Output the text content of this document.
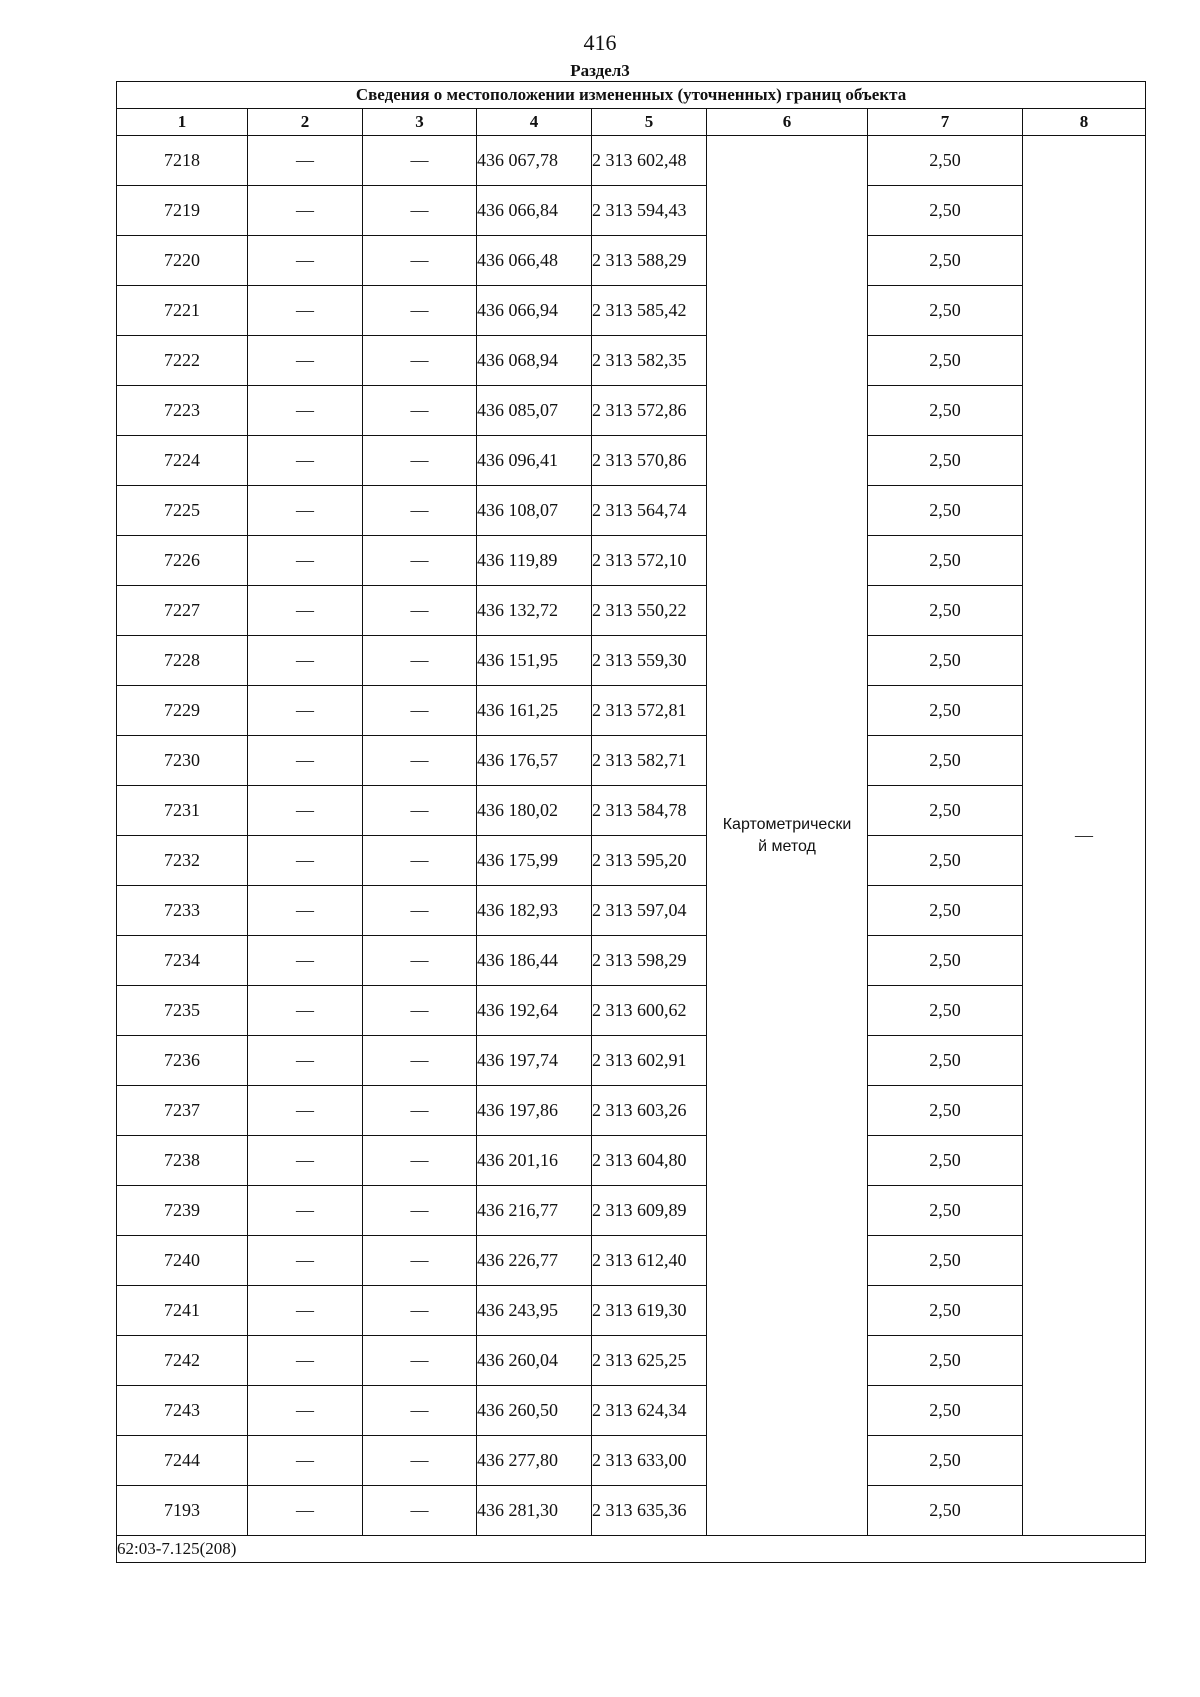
416
Раздел3
Сведения о местоположении измененных (уточненных) границ объекта							
1	2	3	4	5	6	7	8
7218	—	—	436 067,78	2 313 602,48	Картометрически
й метод	2,50	—
7219	—	—	436 066,84	2 313 594,43		2,50	
7220	—	—	436 066,48	2 313 588,29		2,50	
7221	—	—	436 066,94	2 313 585,42		2,50	
7222	—	—	436 068,94	2 313 582,35		2,50	
7223	—	—	436 085,07	2 313 572,86		2,50	
7224	—	—	436 096,41	2 313 570,86		2,50	
7225	—	—	436 108,07	2 313 564,74		2,50	
7226	—	—	436 119,89	2 313 572,10		2,50	
7227	—	—	436 132,72	2 313 550,22		2,50	
7228	—	—	436 151,95	2 313 559,30		2,50	
7229	—	—	436 161,25	2 313 572,81		2,50	
7230	—	—	436 176,57	2 313 582,71		2,50	
7231	—	—	436 180,02	2 313 584,78		2,50	
7232	—	—	436 175,99	2 313 595,20		2,50	
7233	—	—	436 182,93	2 313 597,04		2,50	
7234	—	—	436 186,44	2 313 598,29		2,50	
7235	—	—	436 192,64	2 313 600,62		2,50	
7236	—	—	436 197,74	2 313 602,91		2,50	
7237	—	—	436 197,86	2 313 603,26		2,50	
7238	—	—	436 201,16	2 313 604,80		2,50	
7239	—	—	436 216,77	2 313 609,89		2,50	
7240	—	—	436 226,77	2 313 612,40		2,50	
7241	—	—	436 243,95	2 313 619,30		2,50	
7242	—	—	436 260,04	2 313 625,25		2,50	
7243	—	—	436 260,50	2 313 624,34		2,50	
7244	—	—	436 277,80	2 313 633,00		2,50	
7193	—	—	436 281,30	2 313 635,36		2,50	
62:03-7.125(208)							
